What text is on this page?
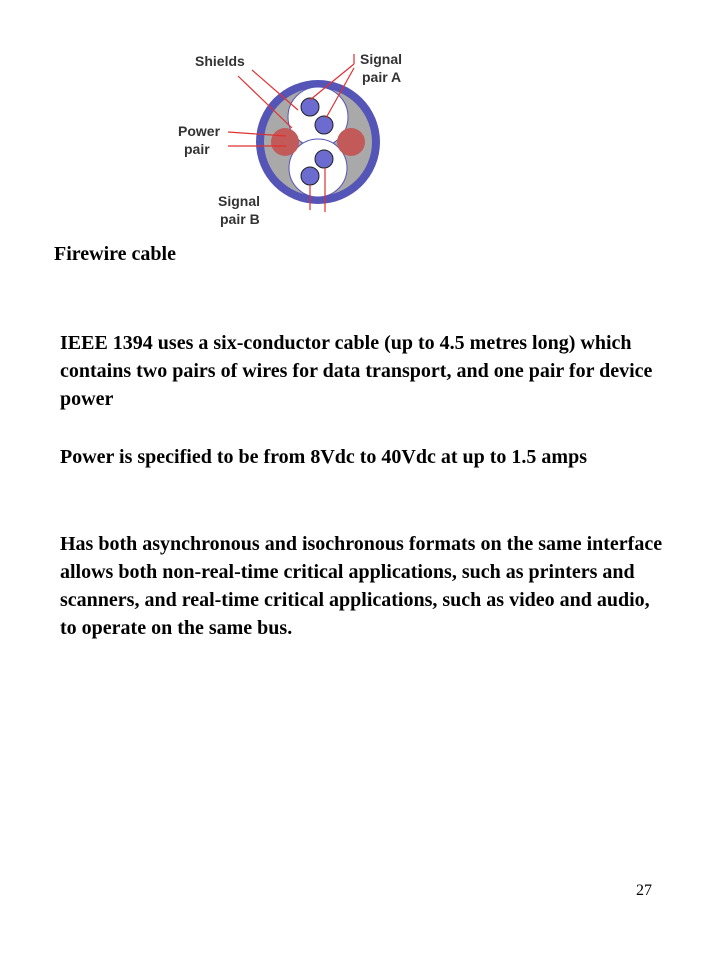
Shields	Signal
pair A
Power
pair
Signal
pair B
Firewire cable

IEEE 1394 uses a six-conductor cable (up to 4.5 metres long) which contains two pairs of wires for data transport, and one pair for device power

Power is specified to be from 8Vdc to 40Vdc at up to 1.5 amps

Has both asynchronous and isochronous formats on the same interface allows both non-real-time critical applications, such as printers and scanners, and real-time critical applications, such as video and audio, to operate on the same bus.

27
